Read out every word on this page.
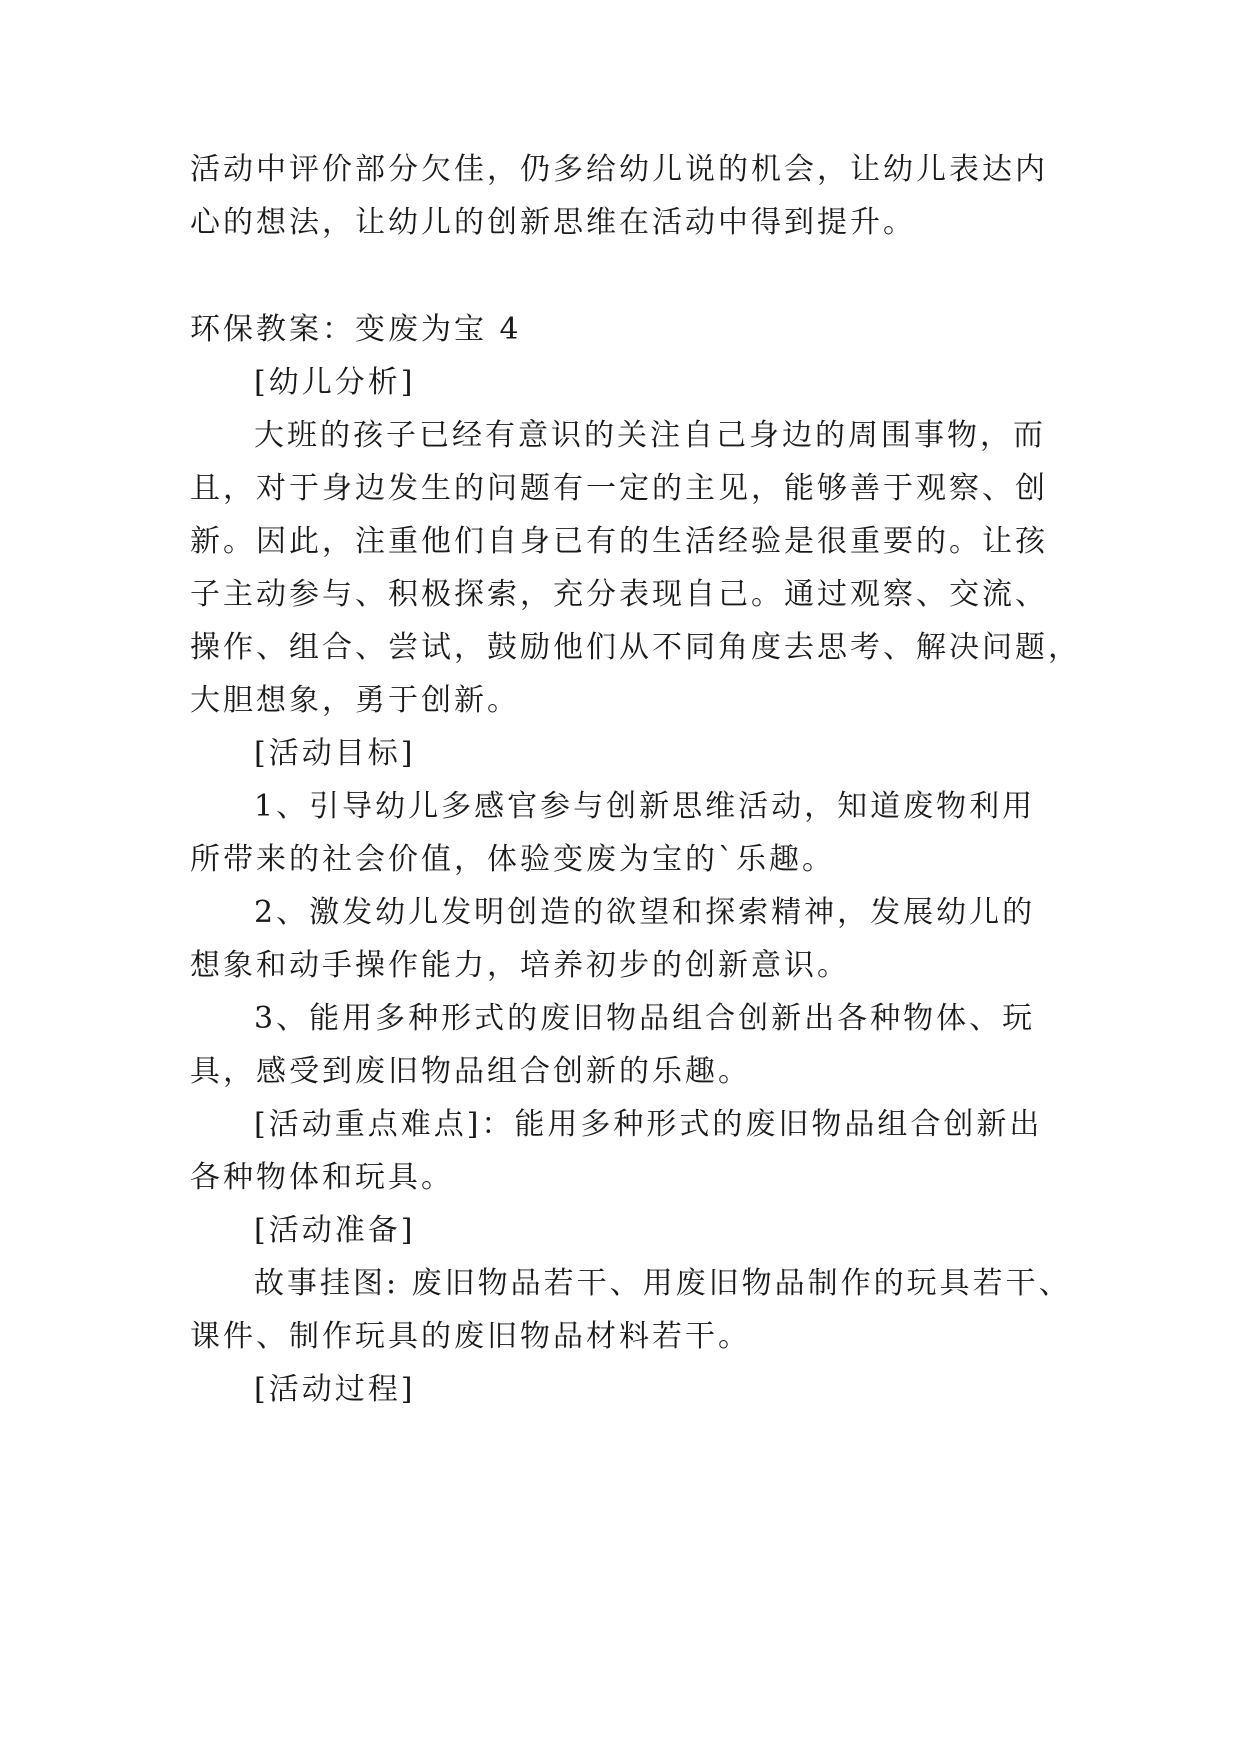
活动中评价部分欠佳，仍多给幼儿说的机会，让幼儿表达内
心的想法，让幼儿的创新思维在活动中得到提升。
环保教案：变废为宝 4
[幼儿分析]
大班的孩子已经有意识的关注自己身边的周围事物，而
且，对于身边发生的问题有一定的主见，能够善于观察、创
新。因此，注重他们自身已有的生活经验是很重要的。让孩
子主动参与、积极探索，充分表现自己。通过观察、交流、
操作、组合、尝试，鼓励他们从不同角度去思考、解决问题，
大胆想象，勇于创新。
[活动目标]
1、引导幼儿多感官参与创新思维活动，知道废物利用
所带来的社会价值，体验变废为宝的`乐趣。
2、激发幼儿发明创造的欲望和探索精神，发展幼儿的
想象和动手操作能力，培养初步的创新意识。
3、能用多种形式的废旧物品组合创新出各种物体、玩
具，感受到废旧物品组合创新的乐趣。
[活动重点难点]：能用多种形式的废旧物品组合创新出
各种物体和玩具。
[活动准备]
故事挂图: 废旧物品若干、用废旧物品制作的玩具若干、
课件、制作玩具的废旧物品材料若干。
[活动过程]
